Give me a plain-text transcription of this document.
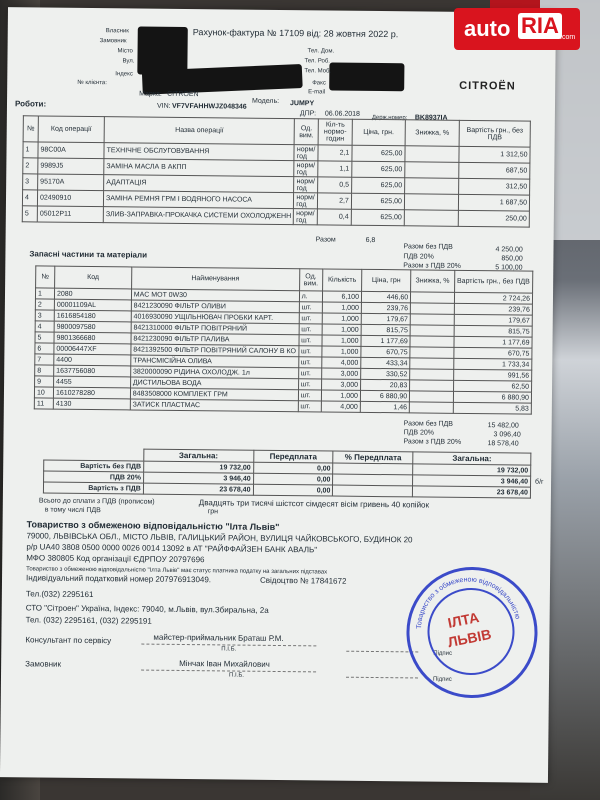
Рахунок-фактура № 17109 від: 28 жовтня 2022 р.
Власник
Замовник
Місто
Вул.
Індекс
№ клієнта:
Тел. Дом.
Тел. Роб.
Тел. Моб.
Факс
E-mail	CITROËN
Марка: CITROEN
Модель: JUMPY
VIN: VF7VFAHHWJZ048346
ДПР: 06.06.2018
Держ.номер: BK8937IA
Роботи:
№	Код операції	Назва операції	Од. вим.	Кіл-ть нормо-годин	Ціна, грн.	Знижка, %	Вартість грн., без ПДВ
1	98C00A	ТЕХНІЧНЕ ОБСЛУГОВУВАННЯ	норм/год	2,1	625,00		1 312,50
2	9989J5	ЗАМІНА МАСЛА В АКПП	норм/год	1,1	625,00		687,50
3	95170A	АДАПТАЦІЯ	норм/год	0,5	625,00		312,50
4	02490910	ЗАМІНА РЕМНЯ ГРМ І ВОДЯНОГО НАСОСА	норм/год	2,7	625,00		1 687,50
5	05012P11	ЗЛИВ-ЗАПРАВКА-ПРОКАЧКА СИСТЕМИ ОХОЛОДЖЕНН	норм/год	0,4	625,00		250,00
Разом	6,8
Разом без ПДВ	4 250,00
ПДВ 20%	850,00
Разом з ПДВ 20%	5 100,00
Запасні частини та матеріали
№	Код	Найменування	Од. вим.	Кількість	Ціна, грн	Знижка, %	Вартість грн., без ПДВ
1	2080	MAC MOT 0W30	л.	6,100	446,60		2 724,26
2	00001109AL	8421230090 ФІЛЬТР ОЛИВИ	шт.	1,000	239,76		239,76
3	1616854180	4016930090 УЩІЛЬНЮВАЧ ПРОБКИ КАРТ.	шт.	1,000	179,67		179,67
4	9800097580	8421310000 ФІЛЬТР ПОВІТРЯНИЙ	шт.	1,000	815,75		815,75
5	9801366680	8421230090 ФІЛЬТР ПАЛИВА	шт.	1,000	1 177,69		1 177,69
6	00006447XF	8421392500 ФІЛЬТР ПОВІТРЯНИЙ САЛОНУ В КО	шт.	1,000	670,75		670,75
7	4400	ТРАНСМІСІЙНА ОЛИВА	шт.	4,000	433,34		1 733,34
8	1637756080	3820000090 РІДИНА ОХОЛОДЖ. 1л	шт.	3,000	330,52		991,56
9	4455	ДИСТИЛЬОВА ВОДА	шт.	3,000	20,83		62,50
10	1610278280	8483508000 КОМПЛЕКТ ГРМ	шт.	1,000	6 880,90		6 880,90
11	4130	ЗАТИСК ПЛАСТМАС	шт.	4,000	1,46		5,83
Разом без ПДВ	15 482,00
ПДВ 20%	3 096,40
Разом з ПДВ 20%	18 578,40
	Загальна:	Передплата	% Передплата	Загальна:
Вартість без ПДВ	19 732,00	0,00		19 732,00
ПДВ 20%	3 946,40	0,00		3 946,40
Вартість з ПДВ	23 678,40	0,00		23 678,40
б/г
Всього до сплати з ПДВ (прописом)	Двадцять три тисячі шістсот сімдесят вісім гривень 40 копійок
в тому числі ПДВ	грн
Товариство з обмеженою відповідальністю "Ілта Львів"
79000, ЛЬВІВСЬКА ОБЛ., МІСТО ЛЬВІВ, ГАЛИЦЬКИЙ РАЙОН, ВУЛИЦЯ ЧАЙКОВСЬКОГО, БУДИНОК 20
р/р UA40 3808 0500 0000 0026 0014 13092 в АТ "РАЙФФАЙЗЕН БАНК АВАЛЬ"
МФО 380805 Код організації ЄДРПОУ 20797696
Товариство з обмеженою відповідальністю "Ілта Львів" має статус платника податку на загальних підставах
Індивідуальний податковий номер 207976913049.	Свідоцтво № 17841672
Тел.(032) 2295161
СТО "Сітроен" Україна, Індекс: 79040, м.Львів, вул.Збиральна, 2а
Тел. (032) 2295161, (032) 2295191
Консультант по сервісу	майстер-приймальник Браташ Р.М.
П.І.Б.
Підпис
Замовник	Мінчак Іван Михайлович
П.І.Б.
Підпис
Товариство з обмеженою відповідальністю
ІЛТА
ЛЬВІВ
auto RIA .com
